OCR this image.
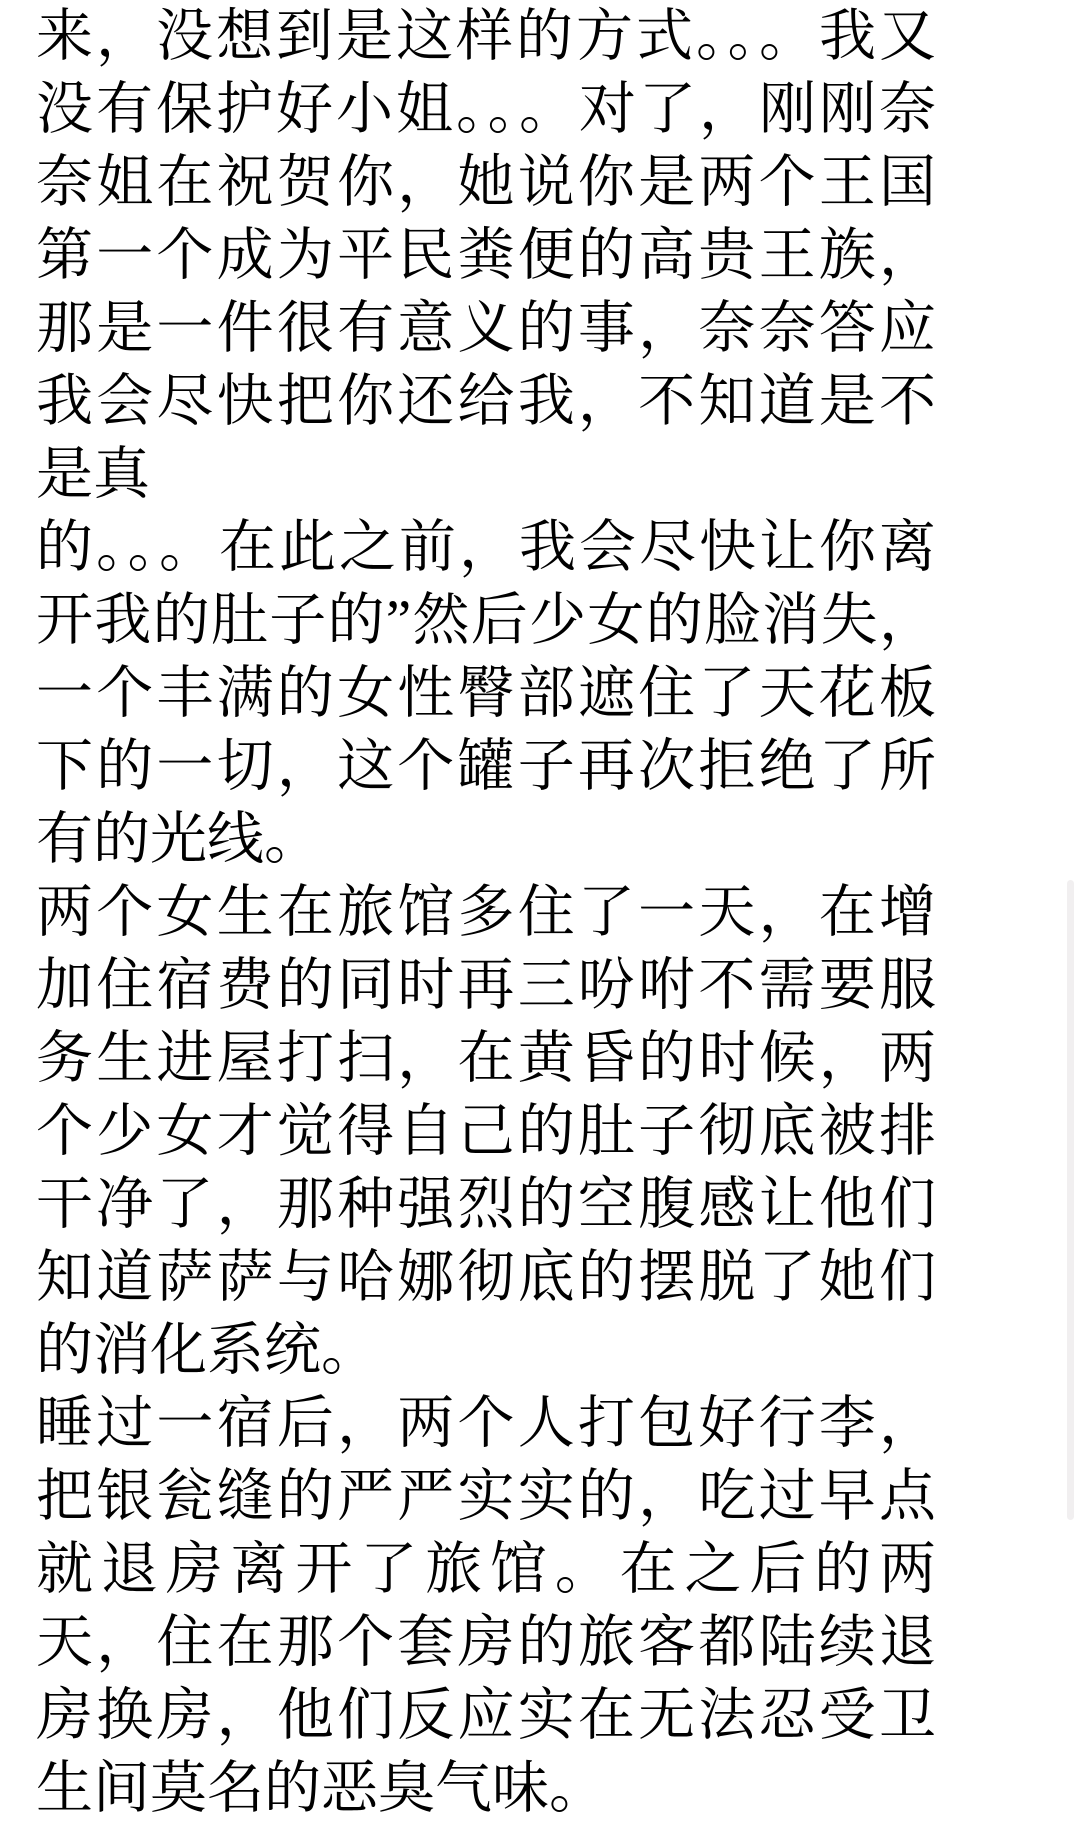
来，没想到是这样的方式。。。我又没有保护好小姐。。。对了，刚刚奈奈姐在祝贺你，她说你是两个王国第一个成为平民粪便的高贵王族，那是一件很有意义的事，奈奈答应我会尽快把你还给我，不知道是不是真

的。。。在此之前，我会尽快让你离开我的肚子的”然后少女的脸消失，一个丰满的女性臀部遮住了天花板下的一切，这个罐子再次拒绝了所有的光线。

两个女生在旅馆多住了一天，在增加住宿费的同时再三吩咐不需要服务生进屋打扫，在黄昏的时候，两个少女才觉得自己的肚子彻底被排干净了，那种强烈的空腹感让他们知道萨萨与哈娜彻底的摆脱了她们的消化系统。

睡过一宿后，两个人打包好行李，把银瓮缝的严严实实的，吃过早点就退房离开了旅馆。在之后的两天，住在那个套房的旅客都陆续退房换房，他们反应实在无法忍受卫生间莫名的恶臭气味。
